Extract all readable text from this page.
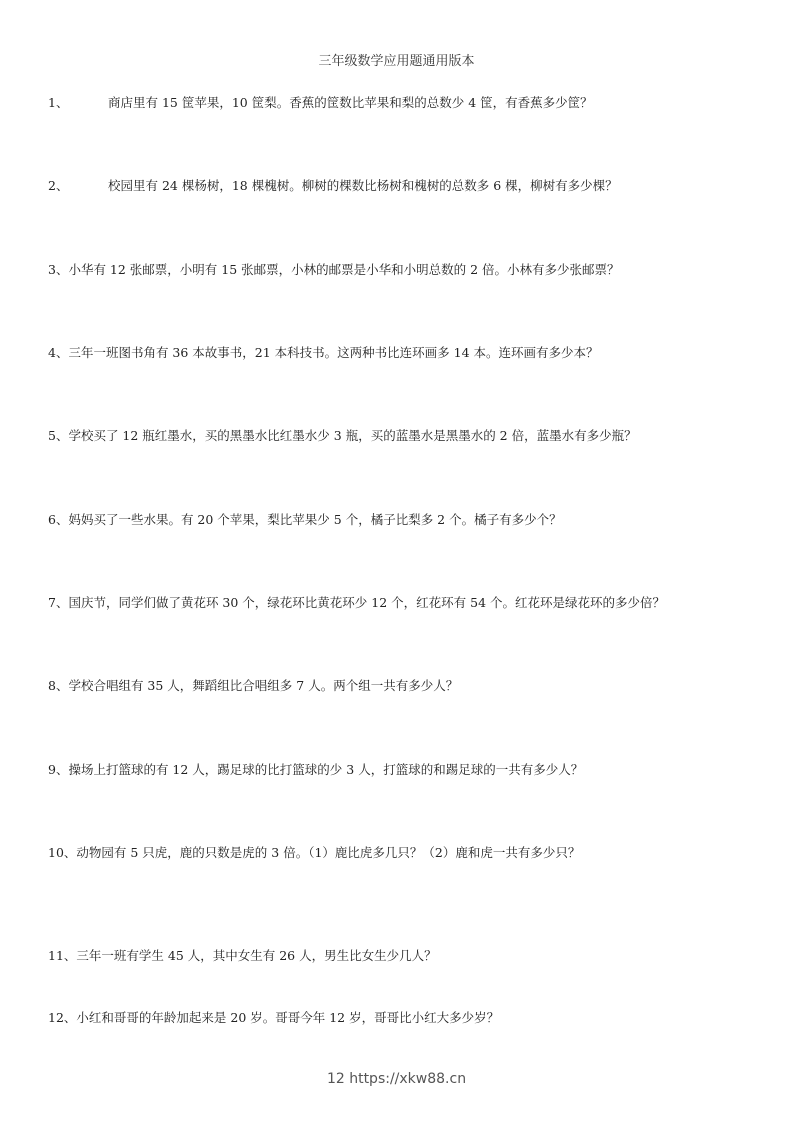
三年级数学应用题通用版本
1、	商店里有 15 筐苹果，10 筐梨。香蕉的筐数比苹果和梨的总数少 4 筐，有香蕉多少筐？
2、	校园里有 24 棵杨树，18 棵槐树。柳树的棵数比杨树和槐树的总数多 6 棵，柳树有多少棵？
3、小华有 12 张邮票，小明有 15 张邮票，小林的邮票是小华和小明总数的 2 倍。小林有多少张邮票？
4、三年一班图书角有 36 本故事书，21 本科技书。这两种书比连环画多 14 本。连环画有多少本？
5、学校买了 12 瓶红墨水，买的黑墨水比红墨水少 3 瓶，买的蓝墨水是黑墨水的 2 倍，蓝墨水有多少瓶？
6、妈妈买了一些水果。有 20 个苹果，梨比苹果少 5 个，橘子比梨多 2 个。橘子有多少个？
7、国庆节，同学们做了黄花环 30 个，绿花环比黄花环少 12 个，红花环有 54 个。红花环是绿花环的多少倍？
8、学校合唱组有 35 人，舞蹈组比合唱组多 7 人。两个组一共有多少人？
9、操场上打篮球的有 12 人，踢足球的比打篮球的少 3 人，打篮球的和踢足球的一共有多少人？
10、动物园有 5 只虎，鹿的只数是虎的 3 倍。（1）鹿比虎多几只？（2）鹿和虎一共有多少只？
11、三年一班有学生 45 人，其中女生有 26 人，男生比女生少几人？
12、小红和哥哥的年龄加起来是 20 岁。哥哥今年 12 岁，哥哥比小红大多少岁？
12 https://xkw88.cn
